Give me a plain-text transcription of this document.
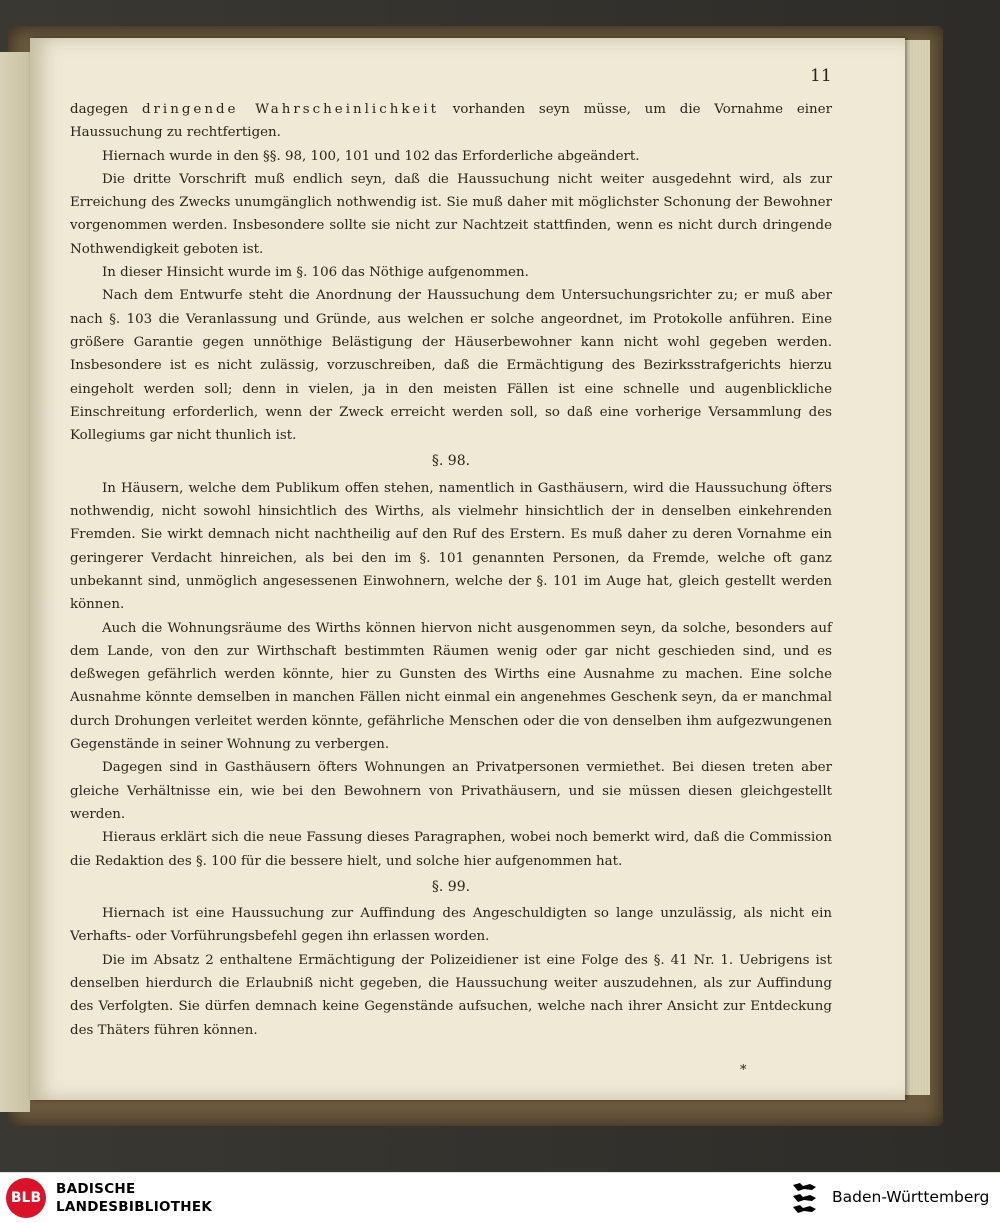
11

dagegen dringende Wahrscheinlichkeit vorhanden seyn müsse, um die Vornahme einer Haussuchung zu rechtfertigen.

Hiernach wurde in den §§. 98, 100, 101 und 102 das Erforderliche abgeändert.

Die dritte Vorschrift muß endlich seyn, daß die Haussuchung nicht weiter ausgedehnt wird, als zur Erreichung des Zwecks unumgänglich nothwendig ist. Sie muß daher mit möglichster Schonung der Bewohner vorgenommen werden. Insbesondere sollte sie nicht zur Nachtzeit stattfinden, wenn es nicht durch dringende Nothwendigkeit geboten ist.

In dieser Hinsicht wurde im §. 106 das Nöthige aufgenommen.

Nach dem Entwurfe steht die Anordnung der Haussuchung dem Untersuchungsrichter zu; er muß aber nach §. 103 die Veranlassung und Gründe, aus welchen er solche angeordnet, im Protokolle anführen. Eine größere Garantie gegen unnöthige Belästigung der Häuserbewohner kann nicht wohl gegeben werden. Insbesondere ist es nicht zulässig, vorzuschreiben, daß die Ermächtigung des Bezirksstrafgerichts hierzu eingeholt werden soll; denn in vielen, ja in den meisten Fällen ist eine schnelle und augenblickliche Einschreitung erforderlich, wenn der Zweck erreicht werden soll, so daß eine vorherige Versammlung des Kollegiums gar nicht thunlich ist.

§. 98.

In Häusern, welche dem Publikum offen stehen, namentlich in Gasthäusern, wird die Haussuchung öfters nothwendig, nicht sowohl hinsichtlich des Wirths, als vielmehr hinsichtlich der in denselben einkehrenden Fremden. Sie wirkt demnach nicht nachtheilig auf den Ruf des Erstern. Es muß daher zu deren Vornahme ein geringerer Verdacht hinreichen, als bei den im §. 101 genannten Personen, da Fremde, welche oft ganz unbekannt sind, unmöglich angesessenen Einwohnern, welche der §. 101 im Auge hat, gleich gestellt werden können.

Auch die Wohnungsräume des Wirths können hiervon nicht ausgenommen seyn, da solche, besonders auf dem Lande, von den zur Wirthschaft bestimmten Räumen wenig oder gar nicht geschieden sind, und es deßwegen gefährlich werden könnte, hier zu Gunsten des Wirths eine Ausnahme zu machen. Eine solche Ausnahme könnte demselben in manchen Fällen nicht einmal ein angenehmes Geschenk seyn, da er manchmal durch Drohungen verleitet werden könnte, gefährliche Menschen oder die von denselben ihm aufgezwungenen Gegenstände in seiner Wohnung zu verbergen.

Dagegen sind in Gasthäusern öfters Wohnungen an Privatpersonen vermiethet. Bei diesen treten aber gleiche Verhältnisse ein, wie bei den Bewohnern von Privathäusern, und sie müssen diesen gleichgestellt werden.

Hieraus erklärt sich die neue Fassung dieses Paragraphen, wobei noch bemerkt wird, daß die Commission die Redaktion des §. 100 für die bessere hielt, und solche hier aufgenommen hat.

§. 99.

Hiernach ist eine Haussuchung zur Auffindung des Angeschuldigten so lange unzulässig, als nicht ein Verhafts- oder Vorführungsbefehl gegen ihn erlassen worden.

Die im Absatz 2 enthaltene Ermächtigung der Polizeidiener ist eine Folge des §. 41 Nr. 1. Uebrigens ist denselben hierdurch die Erlaubniß nicht gegeben, die Haussuchung weiter auszudehnen, als zur Auffindung des Verfolgten. Sie dürfen demnach keine Gegenstände aufsuchen, welche nach ihrer Ansicht zur Entdeckung des Thäters führen können.

*
BLB
BADISCHE
LANDESBIBLIOTHEK
Baden-Württemberg
